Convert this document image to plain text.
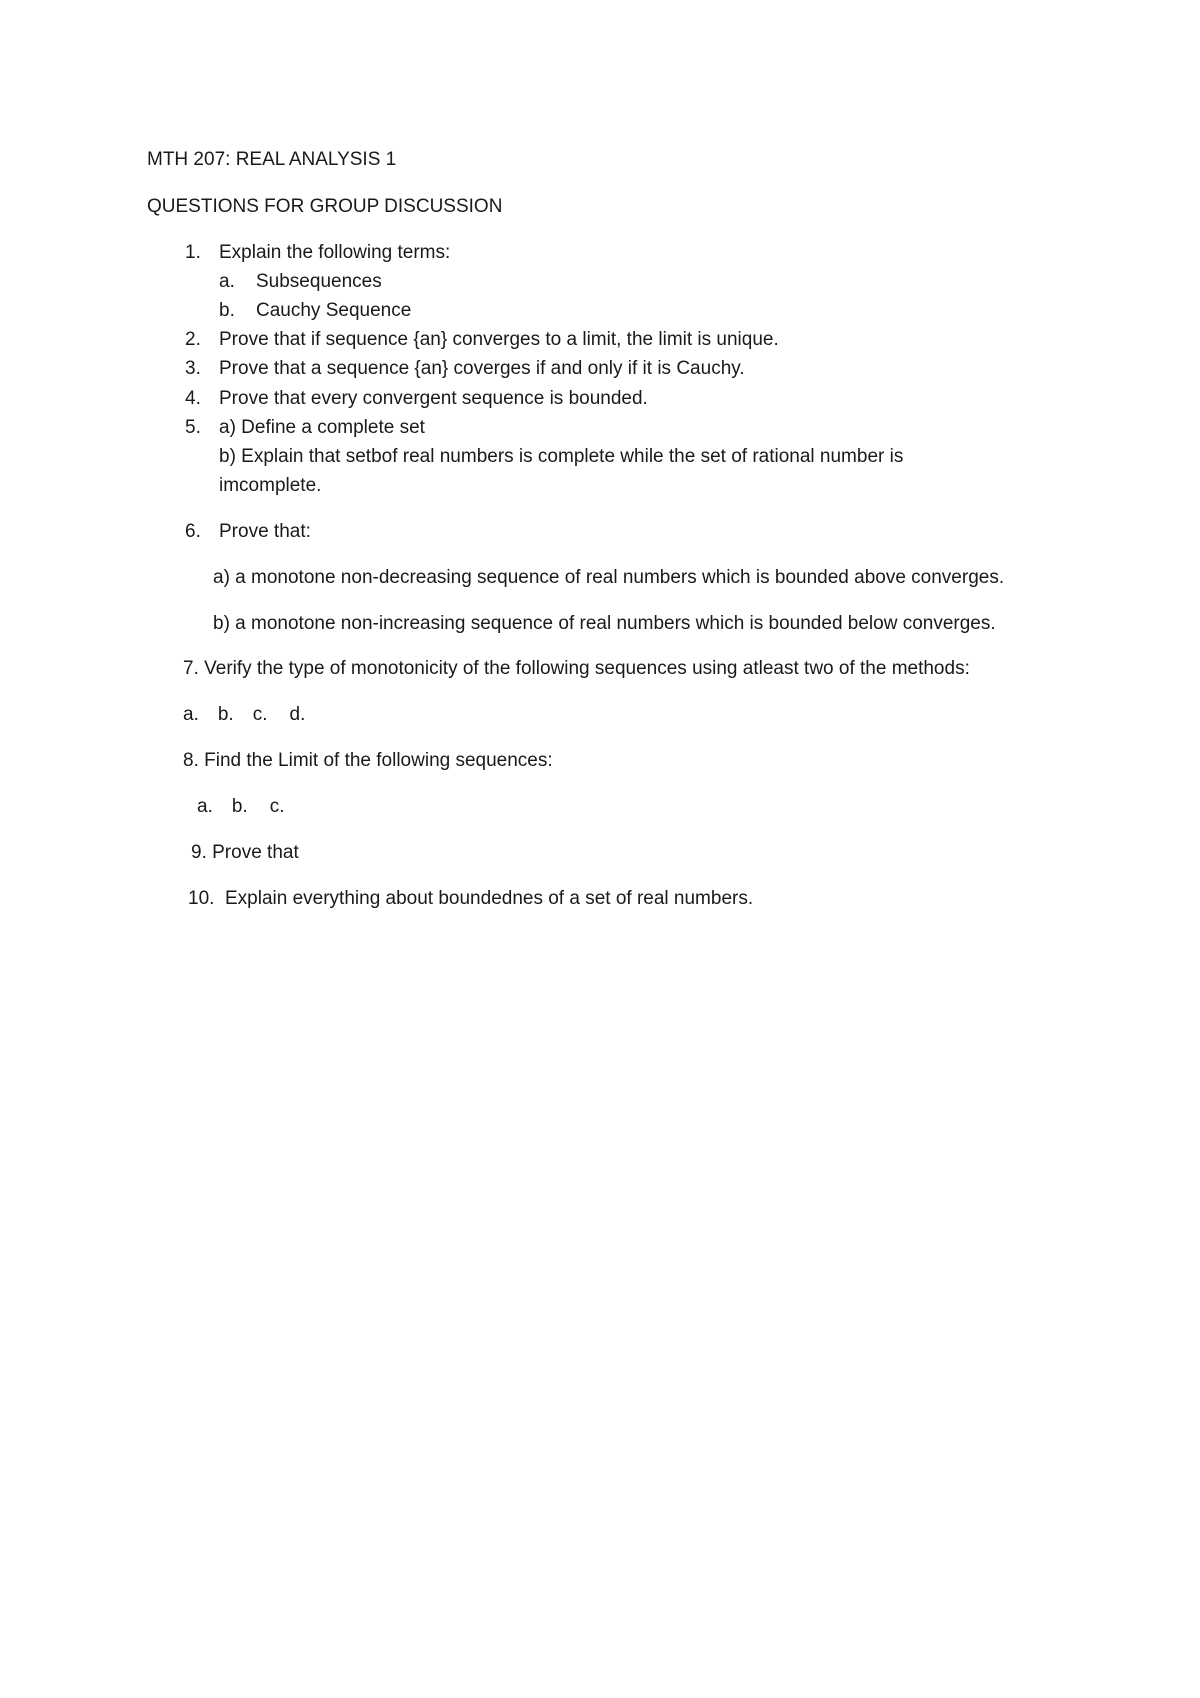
MTH 207: REAL ANALYSIS 1
QUESTIONS FOR GROUP DISCUSSION
1. Explain the following terms:
a. Subsequences
b. Cauchy Sequence
2. Prove that if sequence {an} converges to a limit, the limit is unique.
3. Prove that a sequence {an} coverges if and only if it is Cauchy.
4. Prove that every convergent sequence is bounded.
5. a) Define a complete set
b) Explain that setbof real numbers is complete while the set of rational number is
imcomplete.
6. Prove that:
a) a monotone non-decreasing sequence of real numbers which is bounded above converges.
b) a monotone non-increasing sequence of real numbers which is bounded below converges.
7. Verify the type of monotonicity of the following sequences using atleast two of the methods:
a. b. c. d.
8. Find the Limit of the following sequences:
a. b. c.
9. Prove that
10. Explain everything about boundednes of a set of real numbers.
